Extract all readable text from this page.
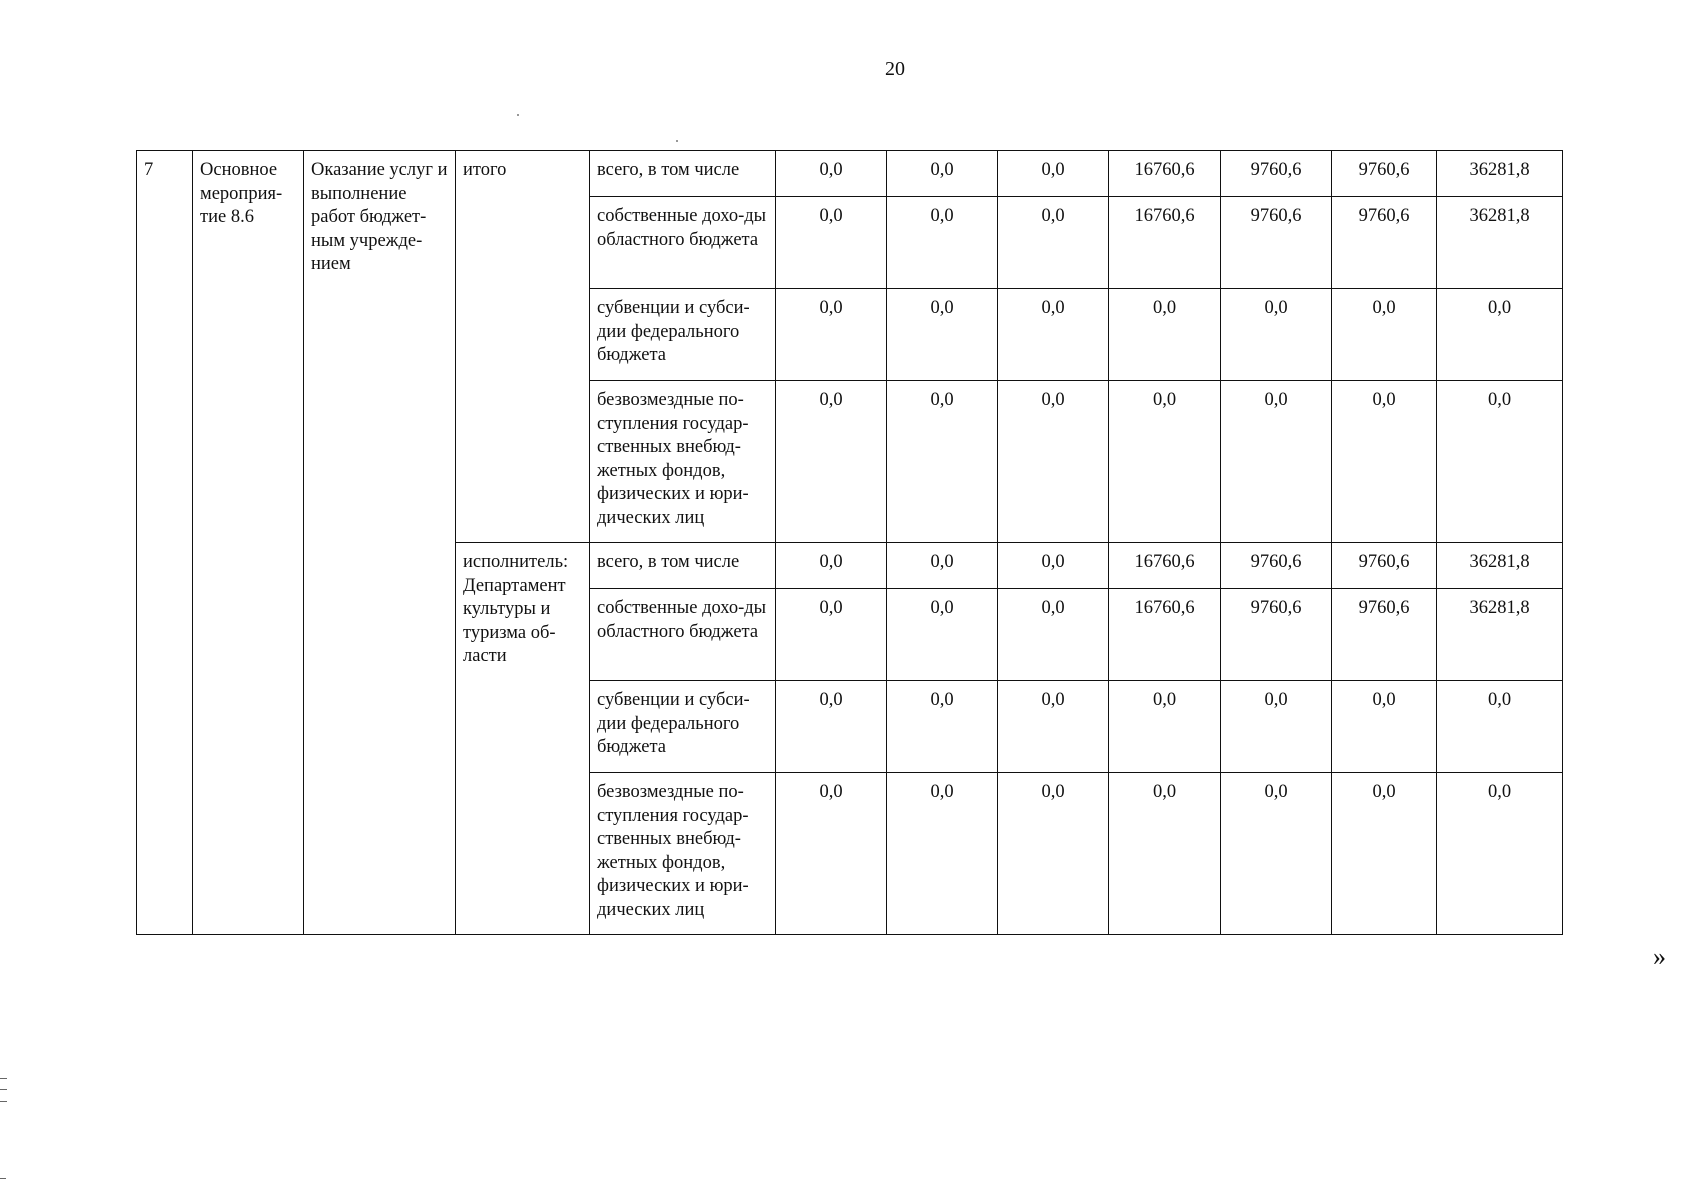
20
7	Основное мероприя-тие 8.6	Оказание услуг и выполнение работ бюджет-ным учрежде-нием	итого	всего, в том числе	0,0	0,0	0,0	16760,6	9760,6	9760,6	36281,8
				собственные дохо-ды областного бюджета	0,0	0,0	0,0	16760,6	9760,6	9760,6	36281,8
				субвенции и субси-дии федерального бюджета	0,0	0,0	0,0	0,0	0,0	0,0	0,0
				безвозмездные по-ступления государ-ственных внебюд-жетных фондов, физических и юри-дических лиц	0,0	0,0	0,0	0,0	0,0	0,0	0,0
			исполнитель: Департамент культуры и туризма об-ласти	всего, в том числе	0,0	0,0	0,0	16760,6	9760,6	9760,6	36281,8
				собственные дохо-ды областного бюджета	0,0	0,0	0,0	16760,6	9760,6	9760,6	36281,8
				субвенции и субси-дии федерального бюджета	0,0	0,0	0,0	0,0	0,0	0,0	0,0
				безвозмездные по-ступления государ-ственных внебюд-жетных фондов, физических и юри-дических лиц	0,0	0,0	0,0	0,0	0,0	0,0	0,0
»
